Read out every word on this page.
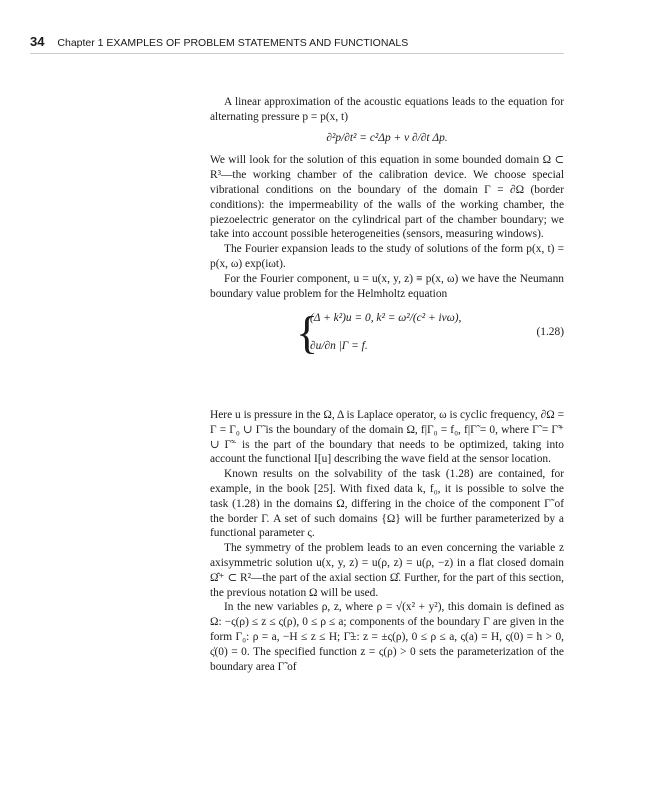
34 Chapter 1 EXAMPLES OF PROBLEM STATEMENTS AND FUNCTIONALS

A linear approximation of the acoustic equations leads to the equation for alternating pressure p = p(x, t)

∂²p/∂t² = c²Δp + ν ∂/∂t Δp.

We will look for the solution of this equation in some bounded domain Ω ⊂ R³—the working chamber of the calibration device. We choose special vibrational conditions on the boundary of the domain Γ = ∂Ω (border conditions): the impermeability of the walls of the working chamber, the piezoelectric generator on the cylindrical part of the chamber boundary; we take into account possible heterogeneities (sensors, measuring windows).

The Fourier expansion leads to the study of solutions of the form p(x, t) = p(x, ω) exp(iωt).

For the Fourier component, u = u(x, y, z) ≡ p(x, ω) we have the Neumann boundary value problem for the Helmholtz equation

{
(Δ + k²)u = 0, k² = ω²/(c² + iνω),
∂u/∂n |Γ = f.
(1.28)

Here u is pressure in the Ω, Δ is Laplace operator, ω is cyclic frequency, ∂Ω = Γ = Γ₀ ∪ Γ̃ is the boundary of the domain Ω, f|Γ₀ = f₀, f|Γ̃ = 0, where Γ̃ = Γ̃⁺ ∪ Γ̃⁻ is the part of the boundary that needs to be optimized, taking into account the functional I[u] describing the wave field at the sensor location.

Known results on the solvability of the task (1.28) are contained, for example, in the book [25]. With fixed data k, f₀, it is possible to solve the task (1.28) in the domains Ω, differing in the choice of the component Γ̃ of the border Γ. A set of such domains {Ω} will be further parameterized by a functional parameter ς.

The symmetry of the problem leads to an even concerning the variable z axisymmetric solution u(x, y, z) = u(ρ, z) = u(ρ, −z) in a flat closed domain Ω̂⁺ ⊂ R²—the part of the axial section Ω̂. Further, for the part of this section, the previous notation Ω will be used.

In the new variables ρ, z, where ρ = √(x² + y²), this domain is defined as Ω: −ς(ρ) ≤ z ≤ ς(ρ), 0 ≤ ρ ≤ a; components of the boundary Γ are given in the form Γ₀: ρ = a, −H ≤ z ≤ H; Γ̃±: z = ±ς(ρ), 0 ≤ ρ ≤ a, ς(a) = H, ς(0) = h > 0, ς̇(0) = 0. The specified function z = ς(ρ) > 0 sets the parameterization of the boundary area Γ̃ of
